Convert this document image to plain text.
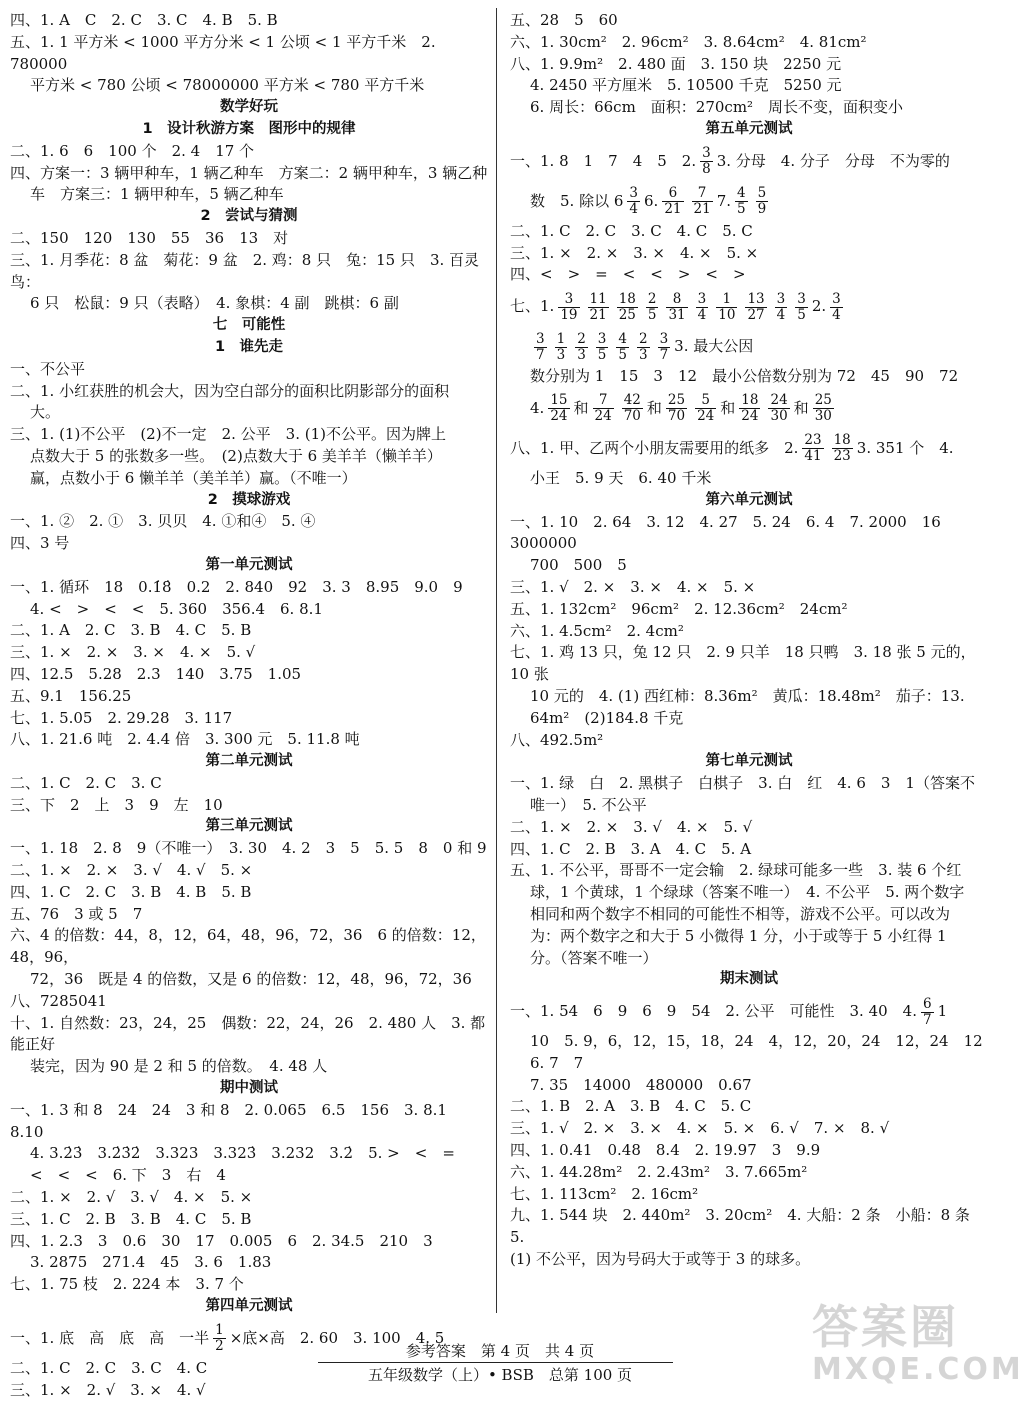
四、1. A　C　2. C　3. C　4. B　5. B
五、1. 1 平方米 < 1000 平方分米 < 1 公顷 < 1 平方千米　2. 780000
平方米 < 780 公顷 < 78000000 平方米 < 780 平方千米
数学好玩
1　设计秋游方案　图形中的规律
二、1. 6　6　100 个　2. 4　17 个
四、方案一：3 辆甲种车，1 辆乙种车　方案二：2 辆甲种车，3 辆乙种
车　方案三：1 辆甲种车，5 辆乙种车
2　尝试与猜测
二、150　120　130　55　36　13　对
三、1. 月季花：8 盆　菊花：9 盆　2. 鸡：8 只　兔：15 只　3. 百灵鸟：
6 只　松鼠：9 只（表略）　4. 象棋：4 副　跳棋：6 副
七　可能性
1　谁先走
一、不公平
二、1. 小红获胜的机会大，因为空白部分的面积比阴影部分的面积
大。
三、1. (1)不公平　(2)不一定　2. 公平　3. (1)不公平。因为牌上
点数大于 5 的张数多一些。　(2)点数大于 6 美羊羊（懒羊羊）
赢，点数小于 6 懒羊羊（美羊羊）赢。（不唯一）
2　摸球游戏
一、1. ②　2. ①　3. 贝贝　4. ①和④　5. ④
四、3 号
第一单元测试
一、1. 循环　18　0.1̇8̇　0.2　2. 840　92　3. 3　8.95　9.0　9
4. <　>　<　<　5. 360　356.4　6. 8.1
二、1. A　2. C　3. B　4. C　5. B
三、1. ×　2. ×　3. ×　4. ×　5. √
四、12.5　5.28　2.3　140　3.75　1.05
五、9.1　156.25
七、1. 5.05　2. 29.28　3. 117
八、1. 21.6 吨　2. 4.4 倍　3. 300 元　5. 11.8 吨
第二单元测试
二、1. C　2. C　3. C
三、下　2　上　3　9　左　10
第三单元测试
一、1. 18　2. 8　9（不唯一）　3. 30　4. 2　3　5　5. 5　8　0 和 9
二、1. ×　2. ×　3. √　4. √　5. ×
四、1. C　2. C　3. B　4. B　5. B
五、76　3 或 5　7
六、4 的倍数：44，8，12，64，48，96，72，36　6 的倍数：12，48，96，
72，36　既是 4 的倍数，又是 6 的倍数：12，48，96，72，36
八、7285041
十、1. 自然数：23，24，25　偶数：22，24，26　2. 480 人　3. 都能正好
装完，因为 90 是 2 和 5 的倍数。　4. 48 人
期中测试
一、1. 3 和 8　24　24　3 和 8　2. 0.065　6.5　156　3. 8.1　8.10
4. 3.2̇3̇　3.2̇3̇2̇　3.323　3.323̇　3.232　3.2̇　5. >　<　=
<　<　<　6. 下　3　右　4
二、1. ×　2. √　3. √　4. ×　5. ×
三、1. C　2. B　3. B　4. C　5. B
四、1. 2.3　3　0.6　30　17　0.005　6　2. 34.5　210　3
3. 2875　271.4　45　3. 6　1.83
七、1. 75 枝　2. 224 本　3. 7 个
第四单元测试
一、1. 底　高　底　高　一半 $\frac{1}{2}$ ×底×高　2. 60　3. 100　4. 5
二、1. C　2. C　3. C　4. C
三、1. ×　2. √　3. ×　4. √
五、28　5　60
六、1. 30cm²　2. 96cm²　3. 8.64cm²　4. 81cm²
八、1. 9.9m²　2. 480 面　3. 150 块　2250 元
4. 2450 平方厘米　5. 10500 千克　5250 元
6. 周长：66cm　面积：270cm²　周长不变，面积变小
第五单元测试
一、1. 8　1　7　4　5　2. $\frac{3}{8} 3$. 分母　4. 分子　分母　不为零的
数　5. 除以 $6 \frac{3}{4} 6$. $\frac{6}{21} \frac{7}{21} 7$. $\frac{4}{5} \frac{5}{9}$
二、1. C　2. C　3. C　4. C　5. C
三、1. ×　2. ×　3. ×　4. ×　5. ×
四、<　>　=　<　<　>　<　>
七、1. $\frac{3}{19} \frac{11}{21} \frac{18}{25} \frac{2}{5} \frac{8}{31} \frac{3}{4} \frac{1}{10} \frac{13}{27} \frac{3}{4} \frac{3}{5} 2$. $\frac{3}{4}$
$\frac{3}{7} \frac{1}{3} \frac{2}{3} \frac{3}{5} \frac{4}{5} \frac{2}{3} \frac{3}{7} 3$. 最大公因
数分别为 1　15　3　12　最小公倍数分别为 72　45　90　72
4. $\frac{15}{24}$ 和 $\frac{7}{24} \frac{42}{70}$ 和 $\frac{25}{70} \frac{5}{24}$ 和 $\frac{18}{24} \frac{24}{30}$ 和 $\frac{25}{30}$
八、1. 甲、乙两个小朋友需要用的纸多　2. $\frac{23}{41} \frac{18}{23} 3$. 351 个　4.
小王　5. 9 天　6. 40 千米
第六单元测试
一、1. 10　2. 64　3. 12　4. 27　5. 24　6. 4　7. 2000　16　3000000
700　500　5
三、1. √　2. ×　3. ×　4. ×　5. ×
五、1. 132cm²　96cm²　2. 12.36cm²　24cm²
六、1. 4.5cm²　2. 4cm²
七、1. 鸡 13 只，兔 12 只　2. 9 只羊　18 只鸭　3. 18 张 5 元的，10 张
10 元的　4. (1) 西红柿：8.36m²　黄瓜：18.48m²　茄子：13.
64m²　(2)184.8 千克
八、492.5m²
第七单元测试
一、1. 绿　白　2. 黑棋子　白棋子　3. 白　红　4. 6　3　1（答案不
唯一）　5. 不公平
二、1. ×　2. ×　3. √　4. ×　5. √
四、1. C　2. B　3. A　4. C　5. A
五、1. 不公平，哥哥不一定会输　2. 绿球可能多一些　3. 装 6 个红
球，1 个黄球，1 个绿球（答案不唯一）　4. 不公平　5. 两个数字
相同和两个数字不相同的可能性不相等，游戏不公平。可以改为
为：两个数字之和大于 5 小微得 1 分，小于或等于 5 小红得 1
分。（答案不唯一）
期末测试
一、1. 54　6　9　6　9　54　2. 公平　可能性　3. 40　4. $\frac{6}{7} 1$
10　5. 9，6，12，15，18，24　4，12，20，24　12，24　12　6. 7　7
7. 35　14000　480000　0.67
二、1. B　2. A　3. B　4. C　5. C
三、1. √　2. ×　3. ×　4. ×　5. ×　6. √　7. ×　8. √
四、1. 0.41　0.48　8.4　2. 19.97　3　9.9
六、1. 44.28m²　2. 2.43m²　3. 7.665m²
七、1. 113cm²　2. 16cm²
九、1. 544 块　2. 440m²　3. 20cm²　4. 大船：2 条　小船：8 条　5.
(1) 不公平，因为号码大于或等于 3 的球多。
参考答案　第 4 页　共 4 页
五年级数学（上）• BSB　总第 100 页
答案圈
MXQE.COM
